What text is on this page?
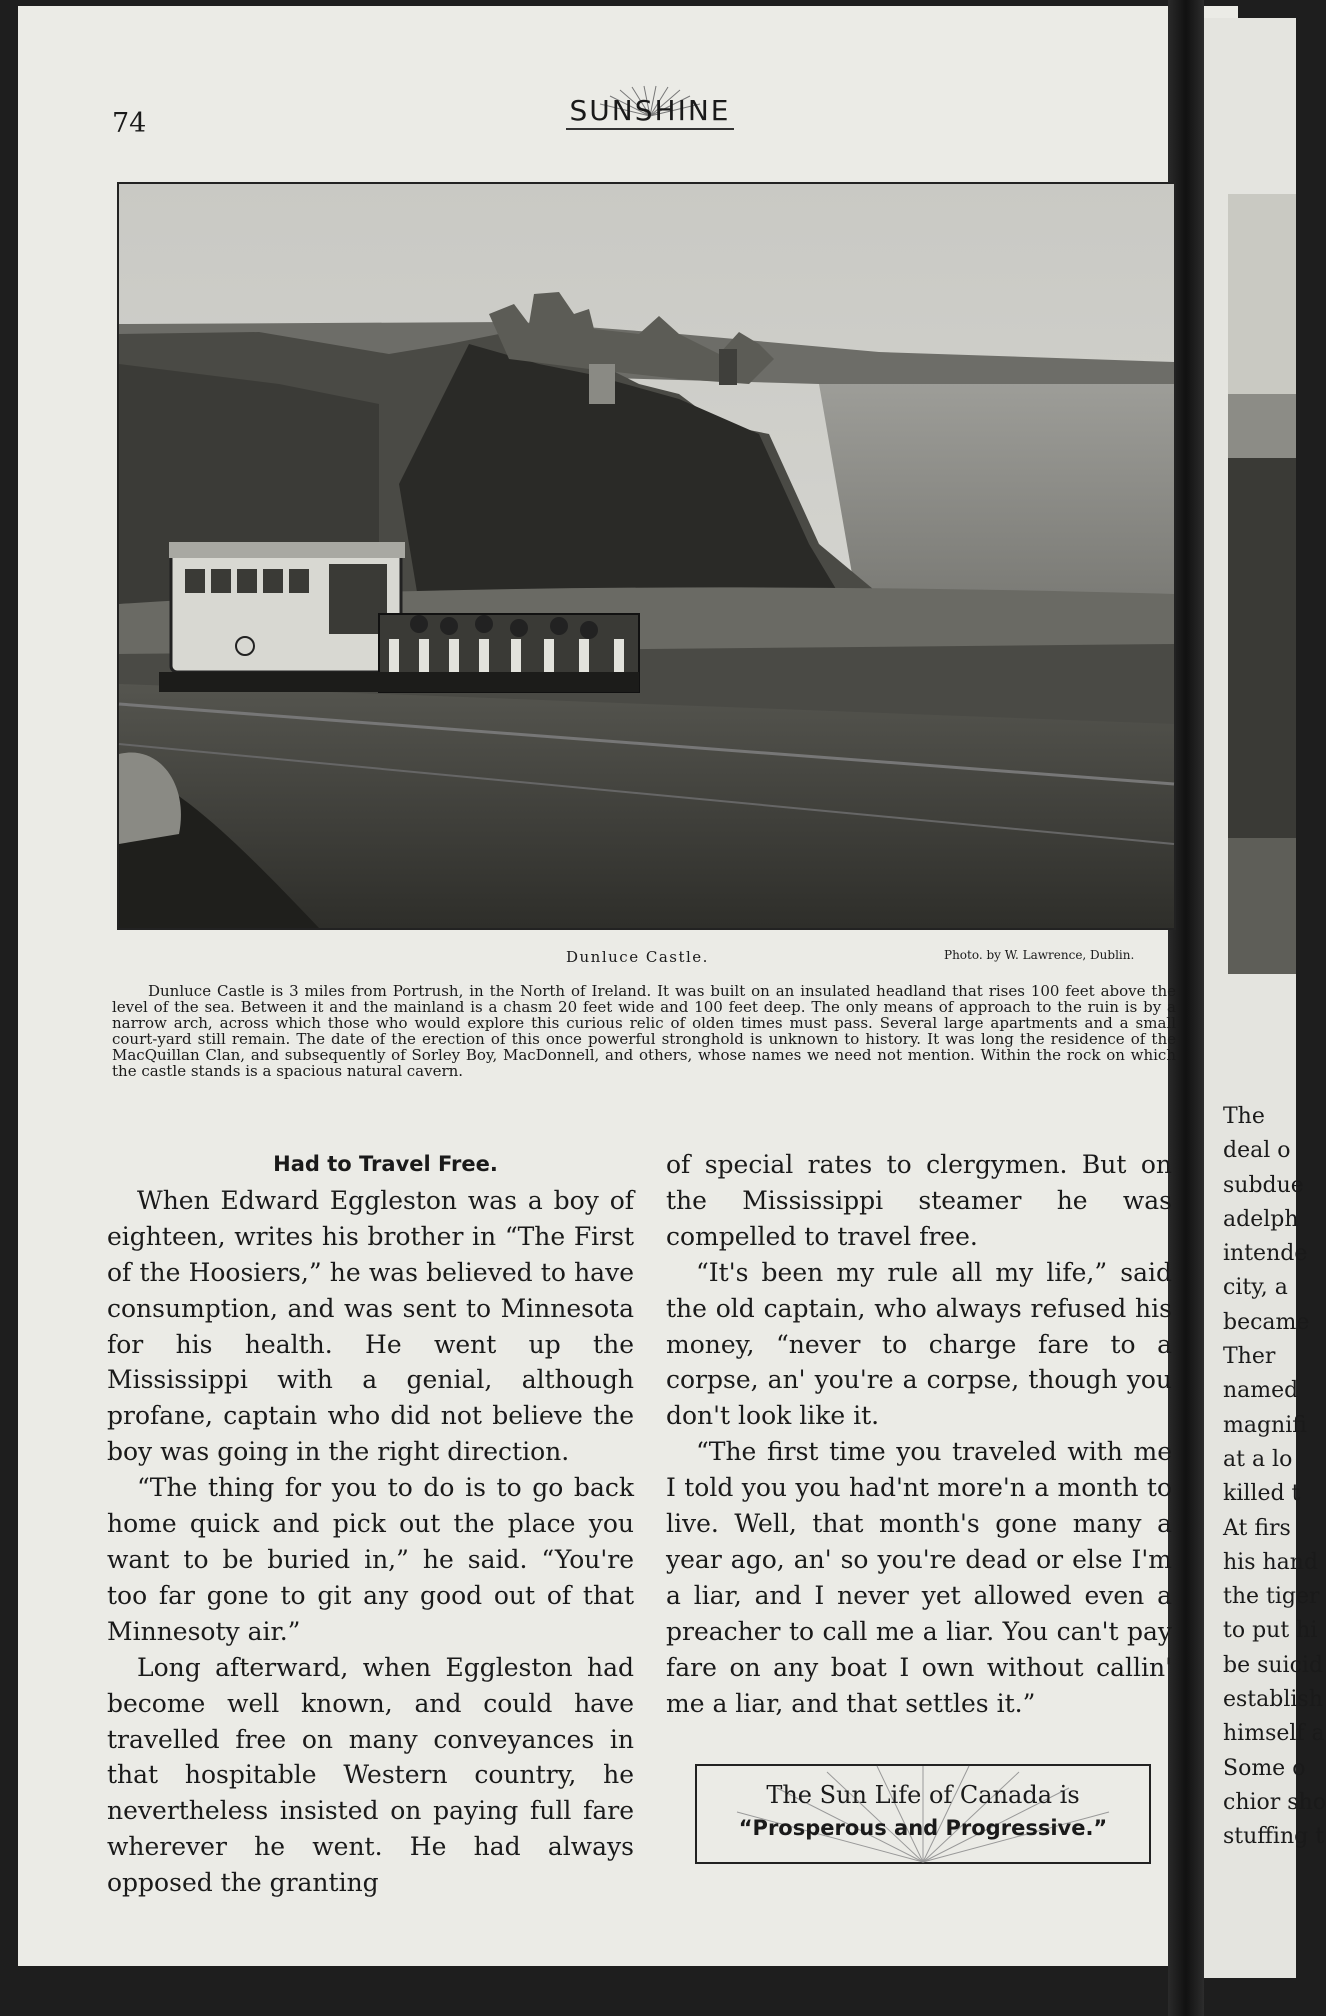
The
deal o
subdue
adelph
intende
city, a
became
Ther
named
magnifi
at a lo
killed t
At firs
his hand
the tiger
to put hi
be suicid
establish
himself a
Some o
chior sho
stuffing t
74	SUNSHINE
Dunluce Castle.	Photo. by W. Lawrence, Dublin.

Dunluce Castle is 3 miles from Portrush, in the North of Ireland. It was built on an insulated headland that rises 100 feet above the level of the sea. Between it and the mainland is a chasm 20 feet wide and 100 feet deep. The only means of approach to the ruin is by a narrow arch, across which those who would explore this curious relic of olden times must pass. Several large apartments and a small court-yard still remain. The date of the erection of this once powerful stronghold is unknown to history. It was long the residence of the MacQuillan Clan, and subsequently of Sorley Boy, MacDonnell, and others, whose names we need not mention. Within the rock on which the castle stands is a spacious natural cavern.

Had to Travel Free.

When Edward Eggleston was a boy of eighteen, writes his brother in “The First of the Hoosiers,” he was believed to have consumption, and was sent to Minnesota for his health. He went up the Mississippi with a genial, although profane, captain who did not believe the boy was going in the right direction.

“The thing for you to do is to go back home quick and pick out the place you want to be buried in,” he said. “You're too far gone to git any good out of that Minnesoty air.”

Long afterward, when Eggleston had become well known, and could have travelled free on many conveyances in that hospitable Western country, he nevertheless insisted on paying full fare wherever he went. He had always opposed the granting

of special rates to clergymen. But on the Mississippi steamer he was compelled to travel free.

“It's been my rule all my life,” said the old captain, who always refused his money, “never to charge fare to a corpse, an' you're a corpse, though you don't look like it.

“The first time you traveled with me I told you you had'nt more'n a month to live. Well, that month's gone many a year ago, an' so you're dead or else I'm a liar, and I never yet allowed even a preacher to call me a liar. You can't pay fare on any boat I own without callin' me a liar, and that settles it.”

The Sun Life of Canada is
“Prosperous and Progressive.”
